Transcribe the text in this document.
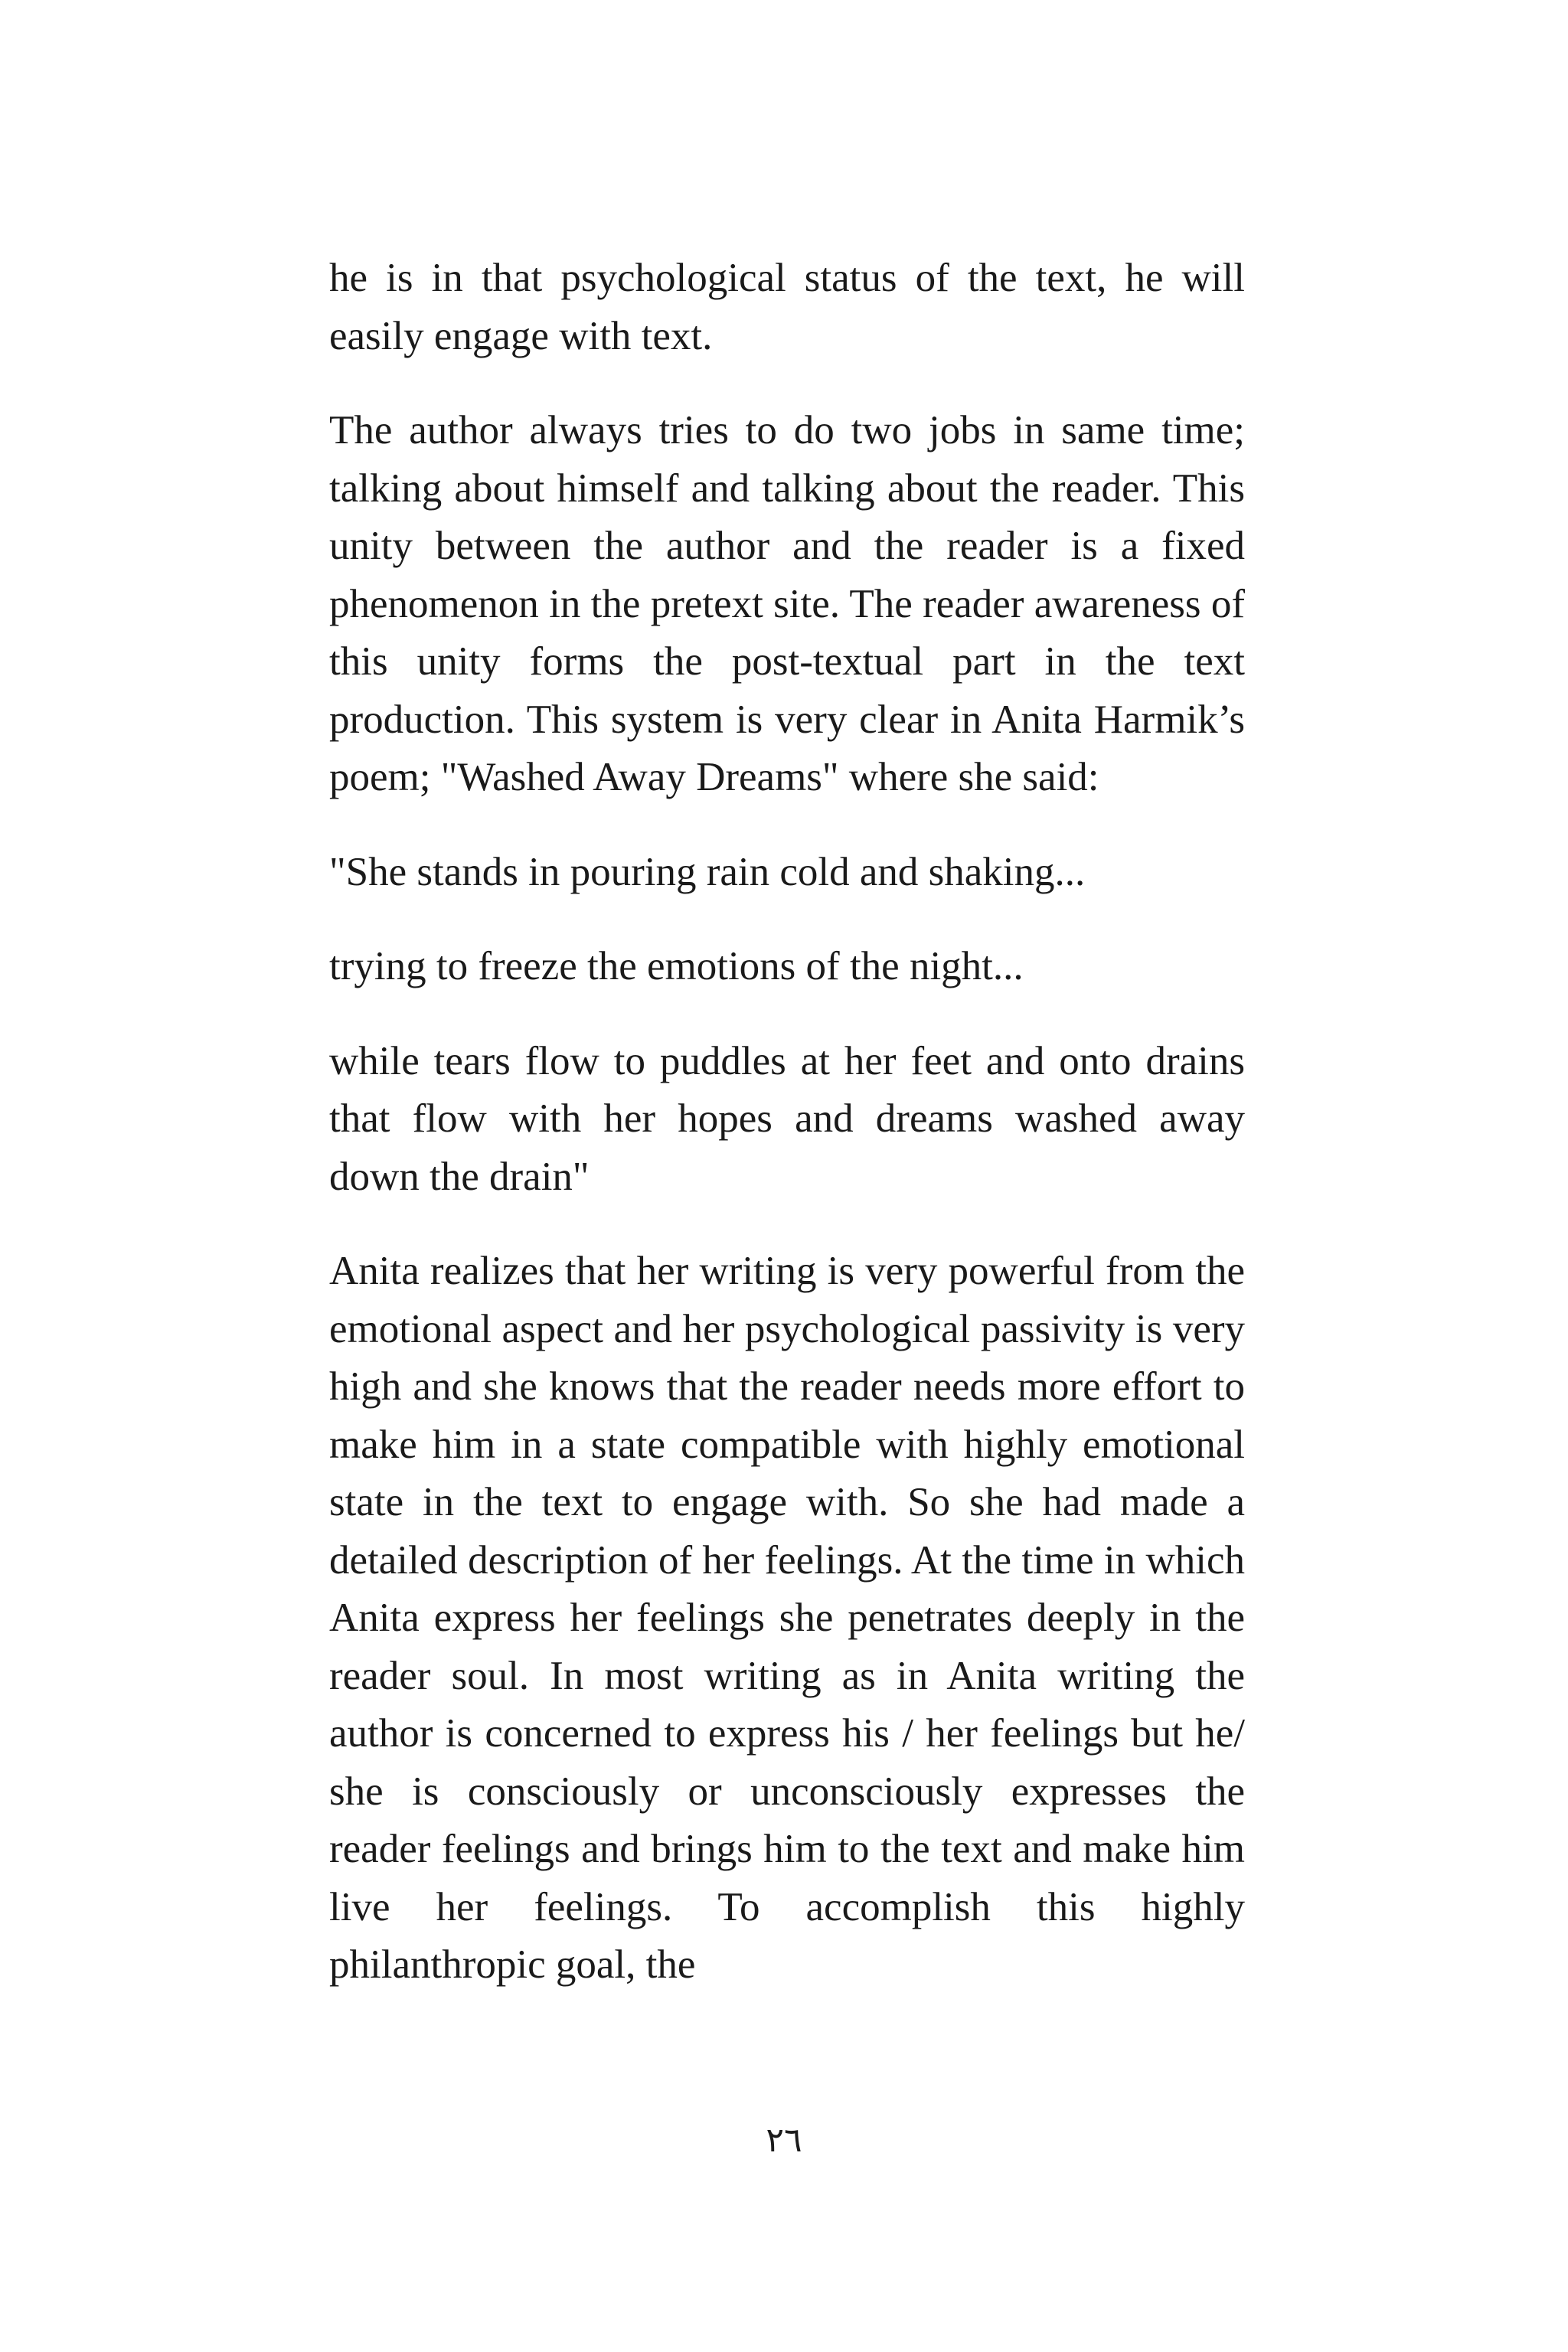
he is in that psychological status of the text, he will easily engage with text.

The author always tries to do two jobs in same time; talking about himself and talking about the reader. This unity between the author and the reader is a fixed phenomenon in the pretext site. The reader awareness of this unity forms the post-textual part in the text production. This system is very clear in Anita Harmik’s poem; "Washed Away Dreams" where she said:

"She stands in pouring rain cold and shaking...

trying to freeze the emotions of the night...

while tears flow to puddles at her feet and onto drains that flow with her hopes and dreams washed away down the drain"

Anita realizes that her writing is very powerful from the emotional aspect and her psychological passivity is very high and she knows that the reader needs more effort to make him in a state compatible with highly emotional state in the text to engage with. So she had made a detailed description of her feelings. At the time in which Anita express her feelings she penetrates deeply in the reader soul. In most writing as in Anita writing the author is concerned to express his / her feelings but he/ she is consciously or unconsciously expresses the reader feelings and brings him to the text and make him live her feelings. To accomplish this highly philanthropic goal, the

٢٦
